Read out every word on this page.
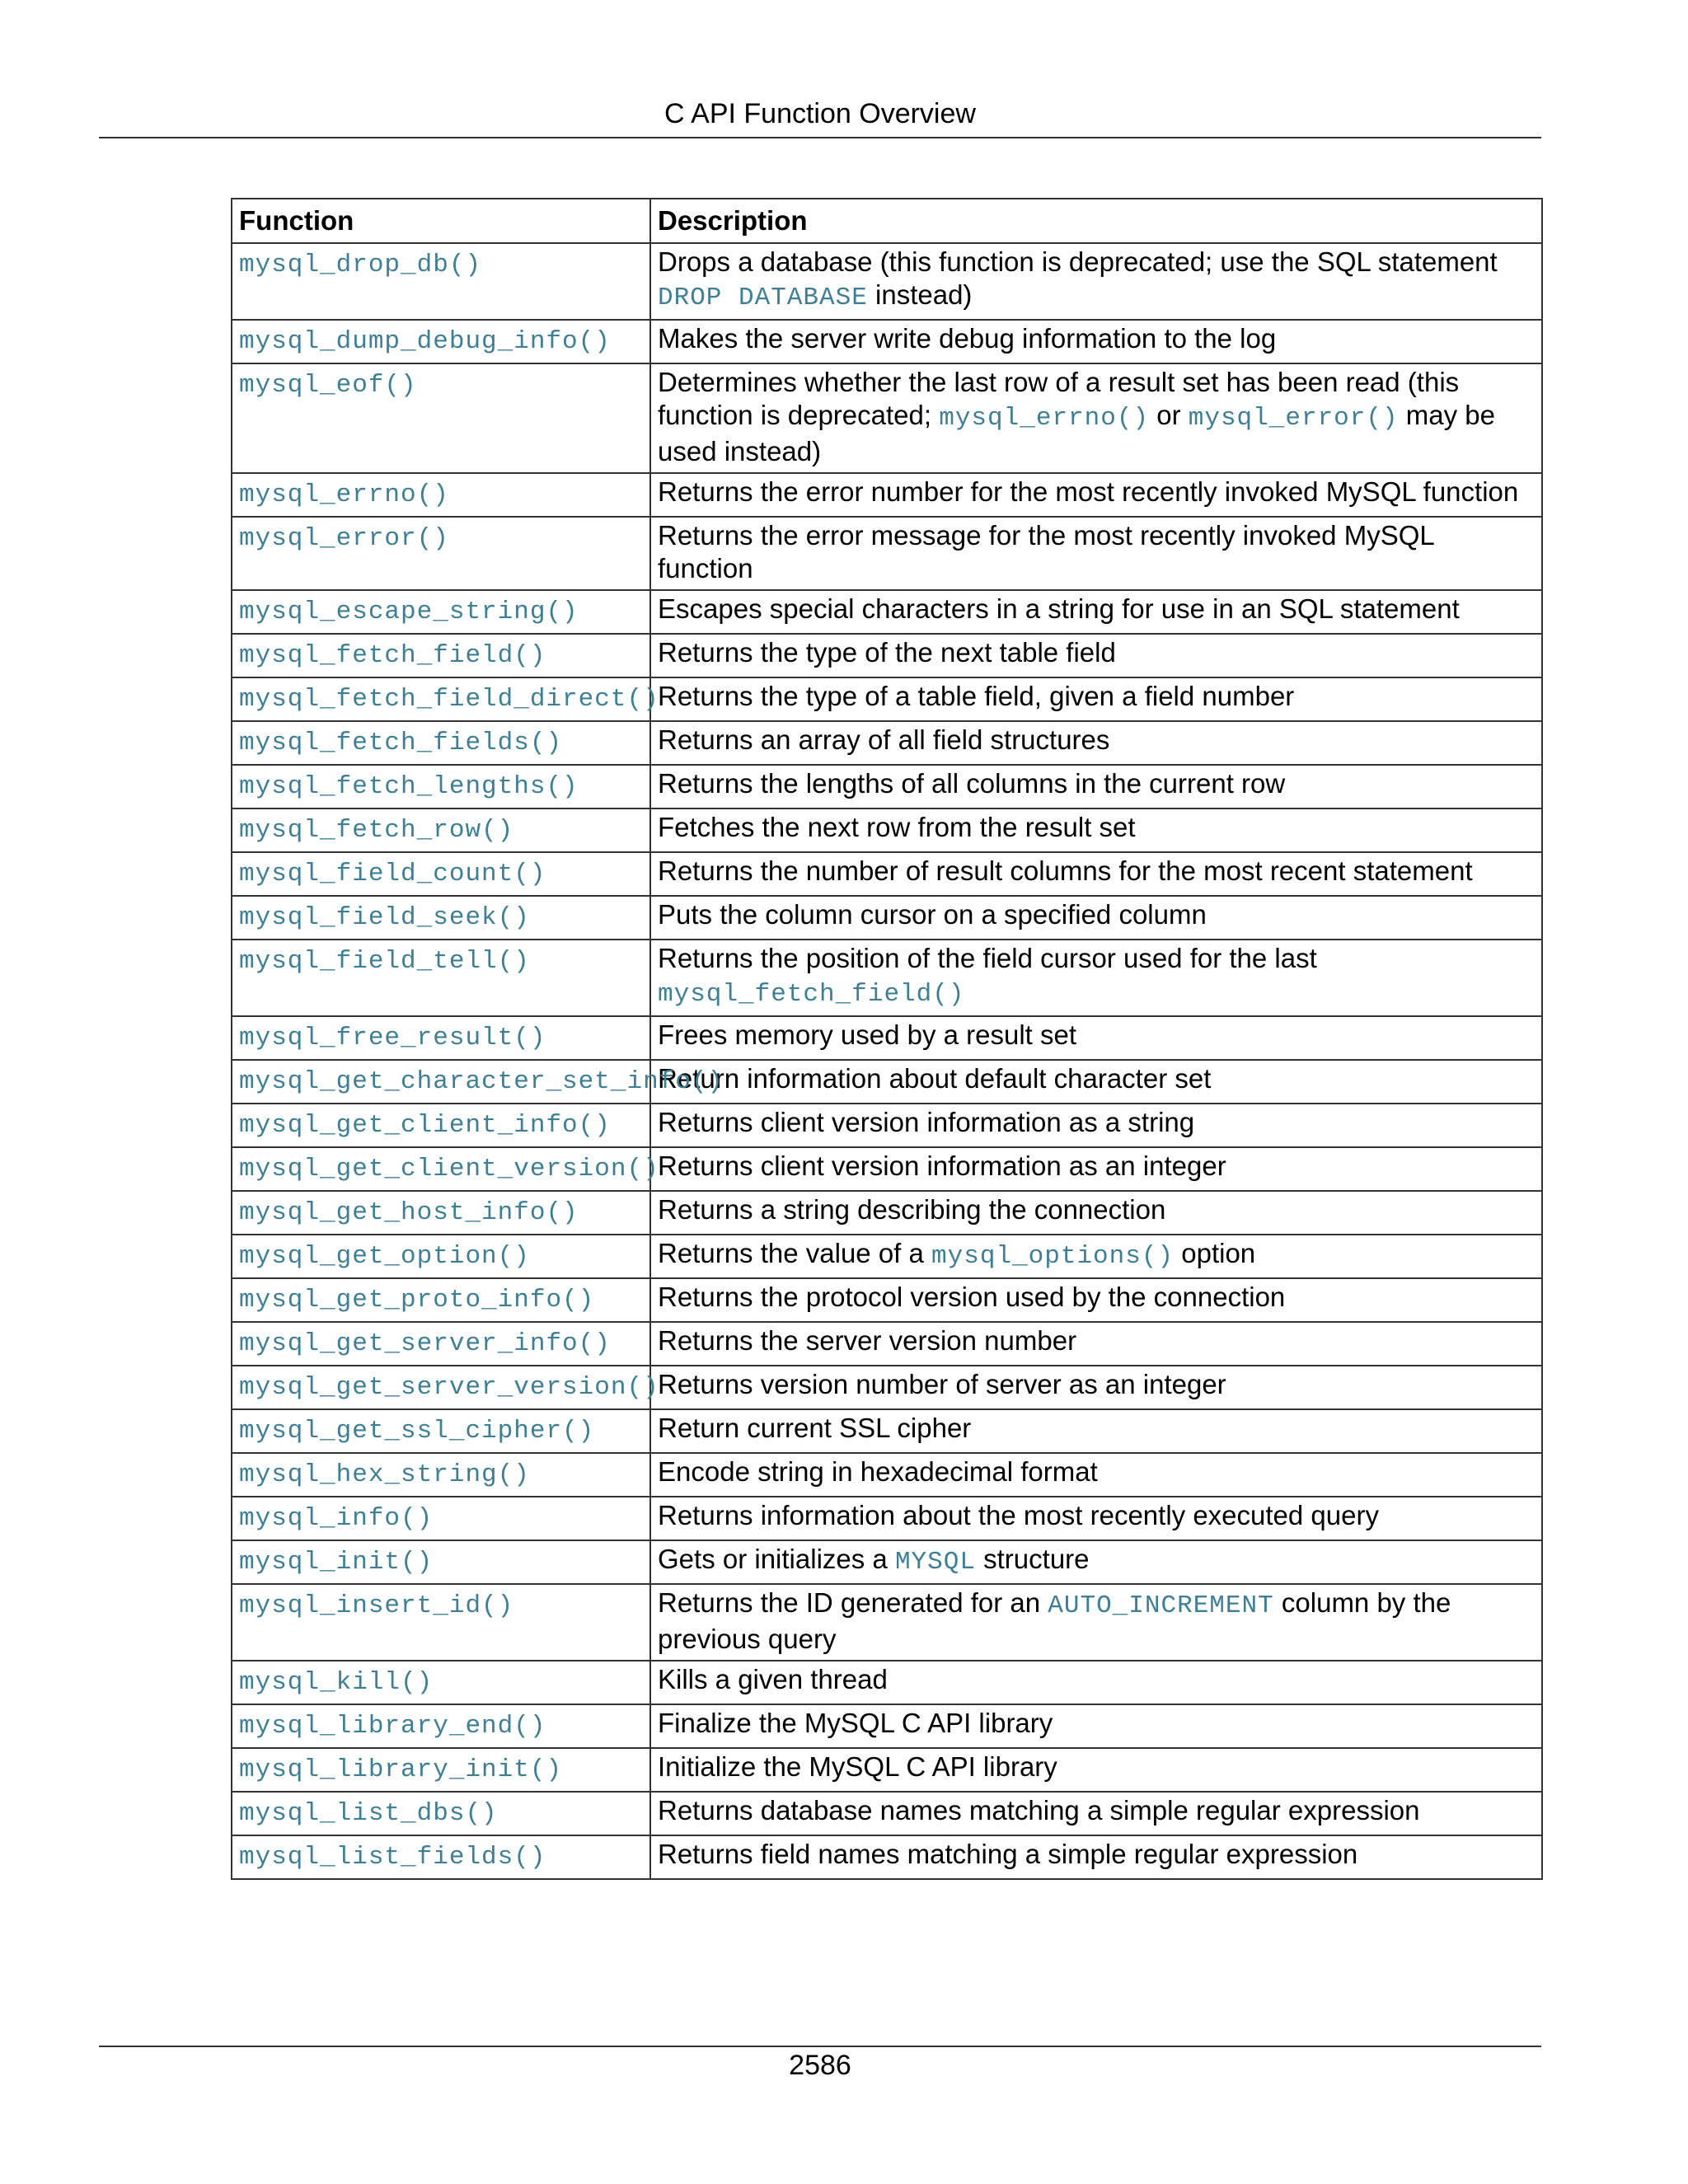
C API Function Overview
Function	Description
mysql_drop_db()	Drops a database (this function is deprecated; use the SQL statement DROP DATABASE instead)
mysql_dump_debug_info()	Makes the server write debug information to the log
mysql_eof()	Determines whether the last row of a result set has been read (this function is deprecated; mysql_errno() or mysql_error() may be used instead)
mysql_errno()	Returns the error number for the most recently invoked MySQL function
mysql_error()	Returns the error message for the most recently invoked MySQL function
mysql_escape_string()	Escapes special characters in a string for use in an SQL statement
mysql_fetch_field()	Returns the type of the next table field
mysql_fetch_field_direct()	Returns the type of a table field, given a field number
mysql_fetch_fields()	Returns an array of all field structures
mysql_fetch_lengths()	Returns the lengths of all columns in the current row
mysql_fetch_row()	Fetches the next row from the result set
mysql_field_count()	Returns the number of result columns for the most recent statement
mysql_field_seek()	Puts the column cursor on a specified column
mysql_field_tell()	Returns the position of the field cursor used for the last mysql_fetch_field()
mysql_free_result()	Frees memory used by a result set
mysql_get_character_set_info()	Return information about default character set
mysql_get_client_info()	Returns client version information as a string
mysql_get_client_version()	Returns client version information as an integer
mysql_get_host_info()	Returns a string describing the connection
mysql_get_option()	Returns the value of a mysql_options() option
mysql_get_proto_info()	Returns the protocol version used by the connection
mysql_get_server_info()	Returns the server version number
mysql_get_server_version()	Returns version number of server as an integer
mysql_get_ssl_cipher()	Return current SSL cipher
mysql_hex_string()	Encode string in hexadecimal format
mysql_info()	Returns information about the most recently executed query
mysql_init()	Gets or initializes a MYSQL structure
mysql_insert_id()	Returns the ID generated for an AUTO_INCREMENT column by the previous query
mysql_kill()	Kills a given thread
mysql_library_end()	Finalize the MySQL C API library
mysql_library_init()	Initialize the MySQL C API library
mysql_list_dbs()	Returns database names matching a simple regular expression
mysql_list_fields()	Returns field names matching a simple regular expression
2586
